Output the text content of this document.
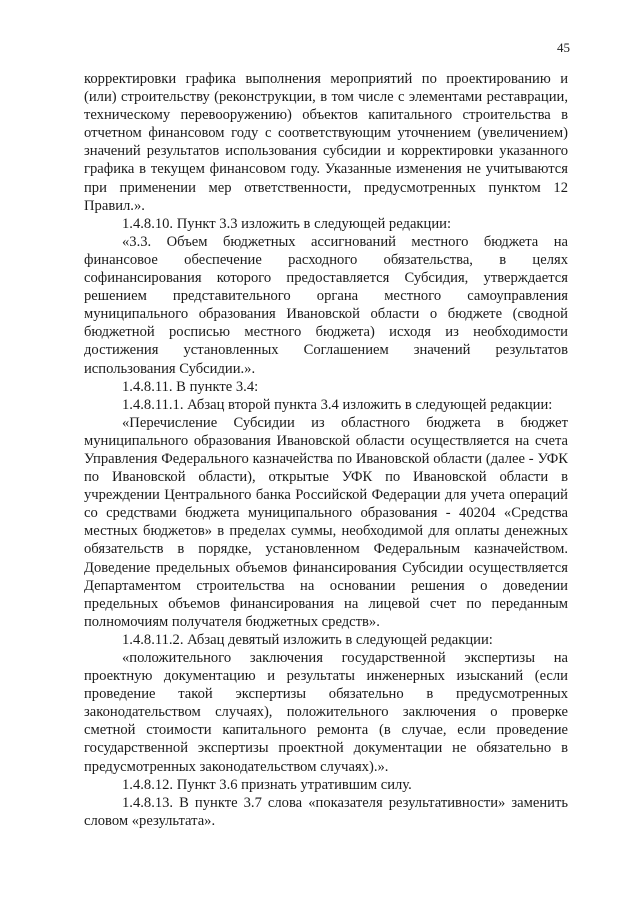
45

корректировки графика выполнения мероприятий по проектированию и (или) строительству (реконструкции, в том числе с элементами реставрации, техническому перевооружению) объектов капитального строительства в отчетном финансовом году с соответствующим уточнением (увеличением) значений результатов использования субсидии и корректировки указанного графика в текущем финансовом году. Указанные изменения не учитываются при применении мер ответственности, предусмотренных пунктом 12 Правил.».

1.4.8.10. Пункт 3.3 изложить в следующей редакции:

«3.3. Объем бюджетных ассигнований местного бюджета на финансовое обеспечение расходного обязательства, в целях софинансирования которого предоставляется Субсидия, утверждается решением представительного органа местного самоуправления муниципального образования Ивановской области о бюджете (сводной бюджетной росписью местного бюджета) исходя из необходимости достижения установленных Соглашением значений результатов использования Субсидии.».

1.4.8.11. В пункте 3.4:

1.4.8.11.1. Абзац второй пункта 3.4 изложить в следующей редакции:

«Перечисление Субсидии из областного бюджета в бюджет муниципального образования Ивановской области осуществляется на счета Управления Федерального казначейства по Ивановской области (далее - УФК по Ивановской области), открытые УФК по Ивановской области в учреждении Центрального банка Российской Федерации для учета операций со средствами бюджета муниципального образования - 40204 «Средства местных бюджетов» в пределах суммы, необходимой для оплаты денежных обязательств в порядке, установленном Федеральным казначейством. Доведение предельных объемов финансирования Субсидии осуществляется Департаментом строительства на основании решения о доведении предельных объемов финансирования на лицевой счет по переданным полномочиям получателя бюджетных средств».

1.4.8.11.2. Абзац девятый изложить в следующей редакции:

«положительного заключения государственной экспертизы на проектную документацию и результаты инженерных изысканий (если проведение такой экспертизы обязательно в предусмотренных законодательством случаях), положительного заключения о проверке сметной стоимости капитального ремонта (в случае, если проведение государственной экспертизы проектной документации не обязательно в предусмотренных законодательством случаях).».

1.4.8.12. Пункт 3.6 признать утратившим силу.

1.4.8.13. В пункте 3.7 слова «показателя результативности» заменить словом «результата».
